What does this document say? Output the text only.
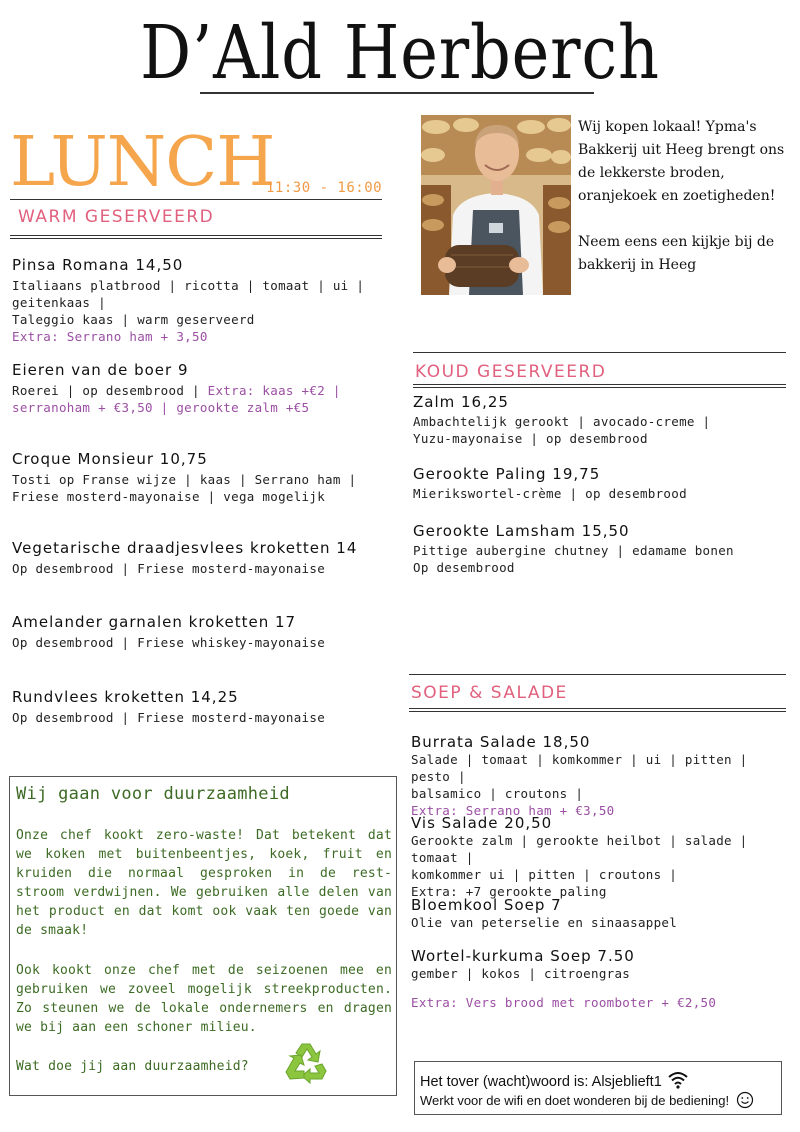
D’Ald Herberch
LUNCH
11:30 - 16:00
WARM GESERVEERD
Pinsa Romana 14,50
Italiaans platbrood | ricotta | tomaat | ui | geitenkaas |
Taleggio kaas | warm geserveerd
Extra: Serrano ham + 3,50
Eieren van de boer 9
Roerei | op desembrood | Extra: kaas +€2 |
serranoham + €3,50 | gerookte zalm +€5
Croque Monsieur 10,75
Tosti op Franse wijze | kaas | Serrano ham |
Friese mosterd-mayonaise | vega mogelijk
Vegetarische draadjesvlees kroketten 14
Op desembrood | Friese mosterd-mayonaise
Amelander garnalen kroketten 17
Op desembrood | Friese whiskey-mayonaise
Rundvlees kroketten 14,25
Op desembrood | Friese mosterd-mayonaise
Wij kopen lokaal! Ypma's Bakkerij uit Heeg brengt ons de lekkerste broden, oranjekoek en zoetigheden!
Neem eens een kijkje bij de bakkerij in Heeg
KOUD GESERVEERD
Zalm 16,25
Ambachtelijk gerookt | avocado-creme |
Yuzu-mayonaise | op desembrood
Gerookte Paling 19,75
Mierikswortel-crème | op desembrood
Gerookte Lamsham 15,50
Pittige aubergine chutney | edamame bonen
Op desembrood
SOEP & SALADE
Burrata Salade 18,50
Salade | tomaat | komkommer | ui | pitten | pesto |
balsamico | croutons |
Extra: Serrano ham + €3,50
Vis Salade 20,50
Gerookte zalm | gerookte heilbot | salade | tomaat |
komkommer ui | pitten | croutons |
Extra: +7 gerookte paling
Bloemkool Soep 7
Olie van peterselie en sinaasappel
Wortel-kurkuma Soep 7.50
gember | kokos | citroengras
Extra: Vers brood met roomboter + €2,50
Wij gaan voor duurzaamheid
Onze chef kookt zero-waste! Dat betekent dat we koken met buitenbeentjes, koek, fruit en kruiden die normaal gesproken in de rest-stroom verdwijnen. We gebruiken alle delen van het product en dat komt ook vaak ten goede van de smaak!
Ook kookt onze chef met de seizoenen mee en gebruiken we zoveel mogelijk streekproducten. Zo steunen we de lokale ondernemers en dragen we bij aan een schoner milieu.
Wat doe jij aan duurzaamheid?
Het tover (wacht)woord is: Alsjeblieft1
Werkt voor de wifi en doet wonderen bij de bediening!
